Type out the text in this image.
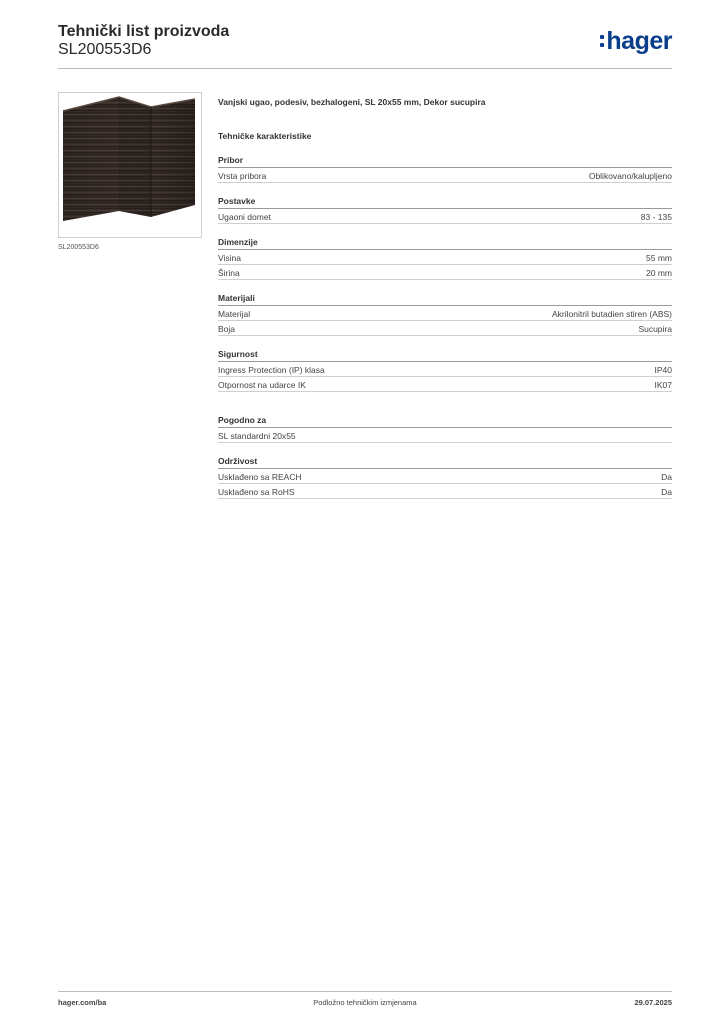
Tehnički list proizvoda
SL200553D6	hager
SL200553D6
Vanjski ugao, podesiv, bezhalogeni, SL 20x55 mm, Dekor sucupira
Tehničke karakteristike
Pribor
Vrsta pribora	Oblikovano/kalupljeno
Postavke
Ugaoni domet	83 - 135
Dimenzije
Visina	55 mm
Širina	20 mm
Materijali
Materijal	Akrilonitril butadien stiren (ABS)
Boja	Sucupira
Sigurnost
Ingress Protection (IP) klasa	IP40
Otpornost na udarce IK	IK07
Pogodno za
SL standardni 20x55
Održivost
Usklađeno sa REACH	Da
Usklađeno sa RoHS	Da
hager.com/ba	Podložno tehničkim izmjenama	29.07.2025
